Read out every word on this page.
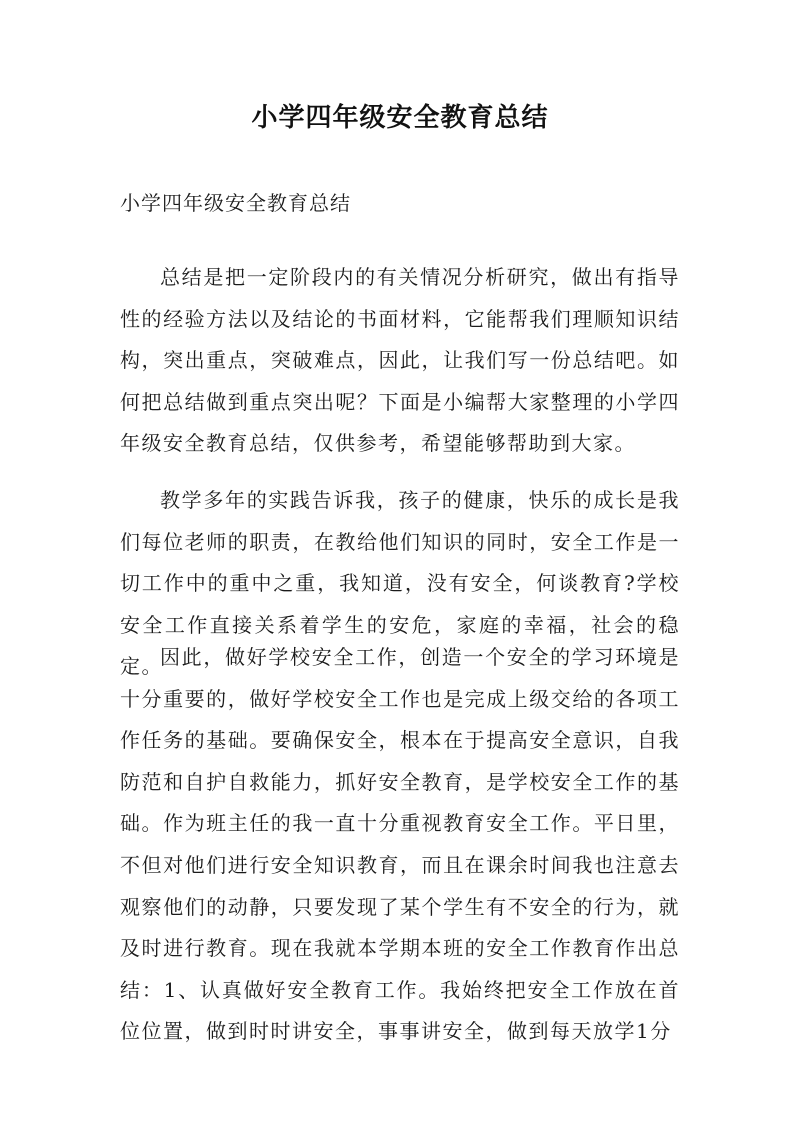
小学四年级安全教育总结

小学四年级安全教育总结

总结是把一定阶段内的有关情况分析研究，做出有指导性的经验方法以及结论的书面材料，它能帮我们理顺知识结构，突出重点，突破难点，因此，让我们写一份总结吧。如何把总结做到重点突出呢？下面是小编帮大家整理的小学四年级安全教育总结，仅供参考，希望能够帮助到大家。
教学多年的实践告诉我，孩子的健康，快乐的成长是我们每位老师的职责，在教给他们知识的同时，安全工作是一切工作中的重中之重，我知道，没有安全，何谈教育?学校安全工作直接关系着学生的安危，家庭的幸福，社会的稳定。
因此，做好学校安全工作，创造一个安全的学习环境是十分重要的，做好学校安全工作也是完成上级交给的各项工作任务的基础。要确保安全，根本在于提高安全意识，自我防范和自护自救能力，抓好安全教育，是学校安全工作的基础。作为班主任的我一直十分重视教育安全工作。平日里，不但对他们进行安全知识教育，而且在课余时间我也注意去观察他们的动静，只要发现了某个学生有不安全的行为，就及时进行教育。现在我就本学期本班的安全工作教育作出总结：1、认真做好安全教育工作。我始终把安全工作放在首位位置，做到时时讲安全，事事讲安全，做到每天放学1分
